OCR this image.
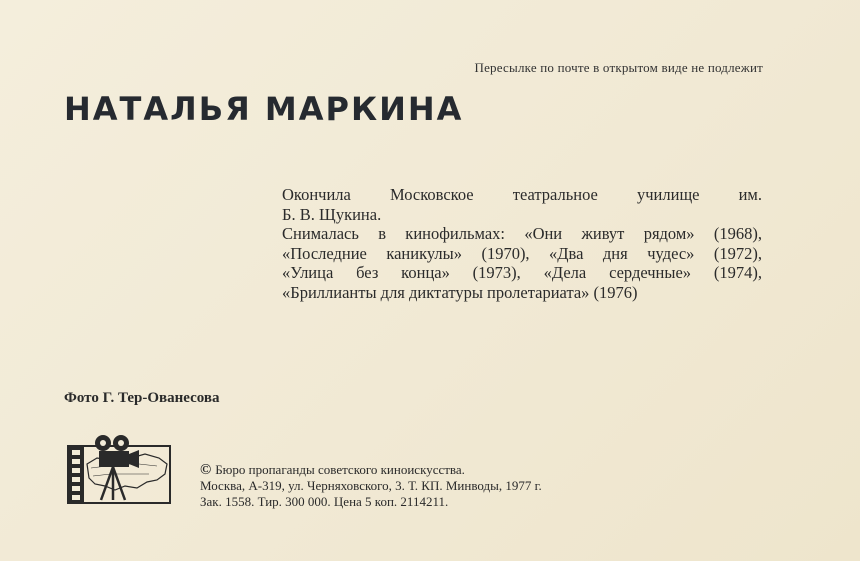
Пересылке по почте в открытом виде не подлежит
НАТАЛЬЯ МАРКИНА
Окончила Московское театральное училище им.
Б. В. Щукина.
Снималась в кинофильмах: «Они живут рядом» (1968),
«Последние каникулы» (1970), «Два дня чудес» (1972),
«Улица без конца» (1973), «Дела сердечные» (1974),
«Бриллианты для диктатуры пролетариата» (1976)
Фото Г. Тер-Ованесова
© Бюро пропаганды советского киноискусства.
Москва, А-319, ул. Черняховского, 3. Т. КП. Минводы, 1977 г.
Зак. 1558. Тир. 300 000. Цена 5 коп. 2114211.
